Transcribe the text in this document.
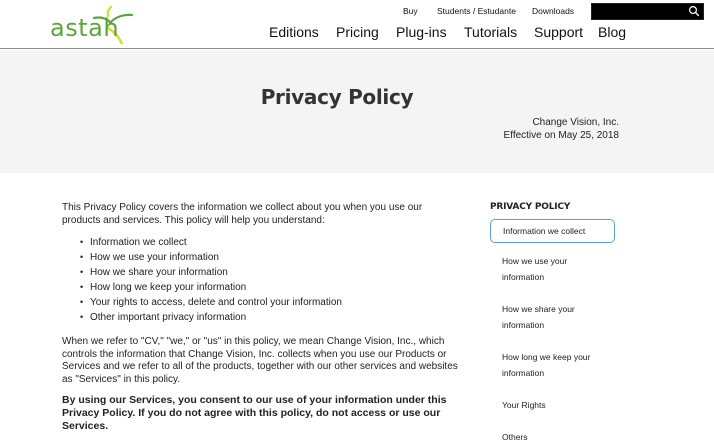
astah
Buy Students / Estudante Downloads
Editions Pricing Plug-ins Tutorials Support Blog
Privacy Policy
Change Vision, Inc.
Effective on May 25, 2018

This Privacy Policy covers the information we collect about you when you use our products and services. This policy will help you understand:

• Information we collect
• How we use your information
• How we share your information
• How long we keep your information
• Your rights to access, delete and control your information
• Other important privacy information

When we refer to "CV," "we," or "us" in this policy, we mean Change Vision, Inc., which controls the information that Change Vision, Inc. collects when you use our Products or Services and we refer to all of the products, together with our other services and websites as "Services" in this policy.

By using our Services, you consent to our use of your information under this Privacy Policy. If you do not agree with this policy, do not access or use our Services.

PRIVACY POLICY
Information we collect
How we use your information
How we share your information
How long we keep your information
Your Rights
Others
